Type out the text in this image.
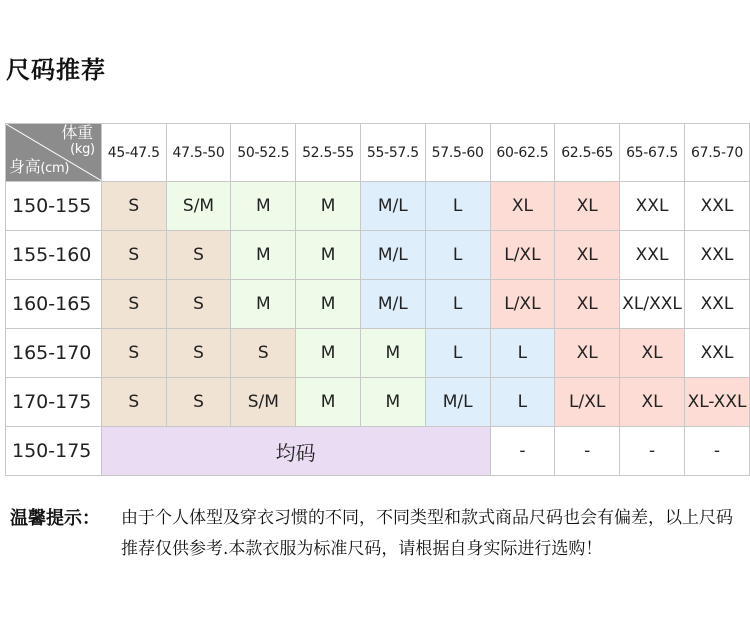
尺码推荐
体重
(kg)
身高(cm)	45-47.5	47.5-50	50-52.5	52.5-55	55-57.5	57.5-60	60-62.5	62.5-65	65-67.5	67.5-70
150-155	S	S/M	M	M	M/L	L	XL	XL	XXL	XXL
155-160	S	S	M	M	M/L	L	L/XL	XL	XXL	XXL
160-165	S	S	M	M	M/L	L	L/XL	XL	XL/XXL	XXL
165-170	S	S	S	M	M	L	L	XL	XL	XXL
170-175	S	S	S/M	M	M	M/L	L	L/XL	XL	XL-XXL
150-175	均码						-	-	-	-
温馨提示： 由于个人体型及穿衣习惯的不同，不同类型和款式商品尺码也会有偏差，以上尺码推荐仅供参考.本款衣服为标准尺码，请根据自身实际进行选购！
